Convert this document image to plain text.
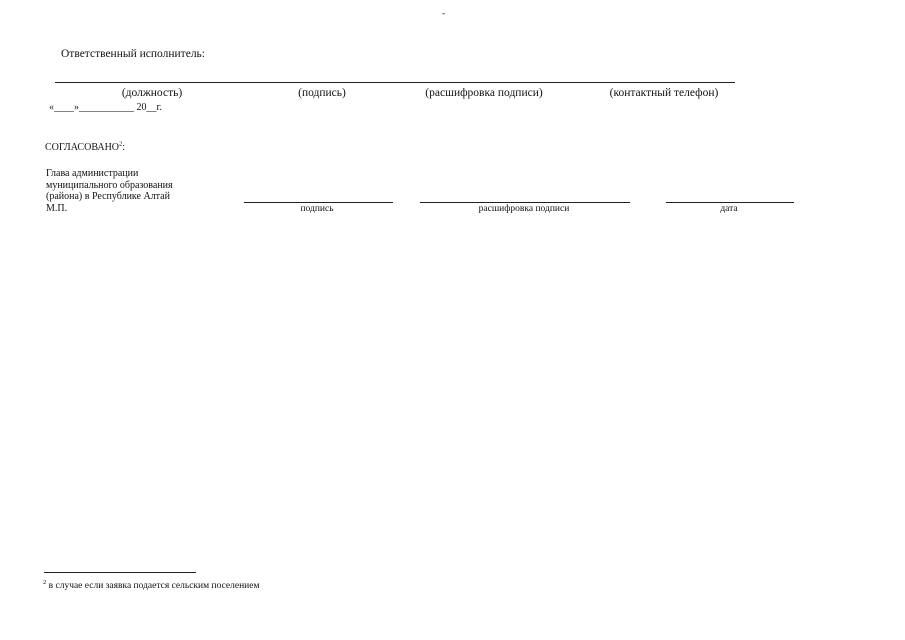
-
Ответственный исполнитель:
(должность)	(подпись)	(расшифровка подписи)	(контактный телефон)
«____»___________ 20__г.
СОГЛАСОВАНО$^2$:
Глава администрации
муниципального образования
(района) в Республике Алтай
М.П.	подпись	расшифровка подписи	дата
$^2$ в случае если заявка подается сельским поселением
